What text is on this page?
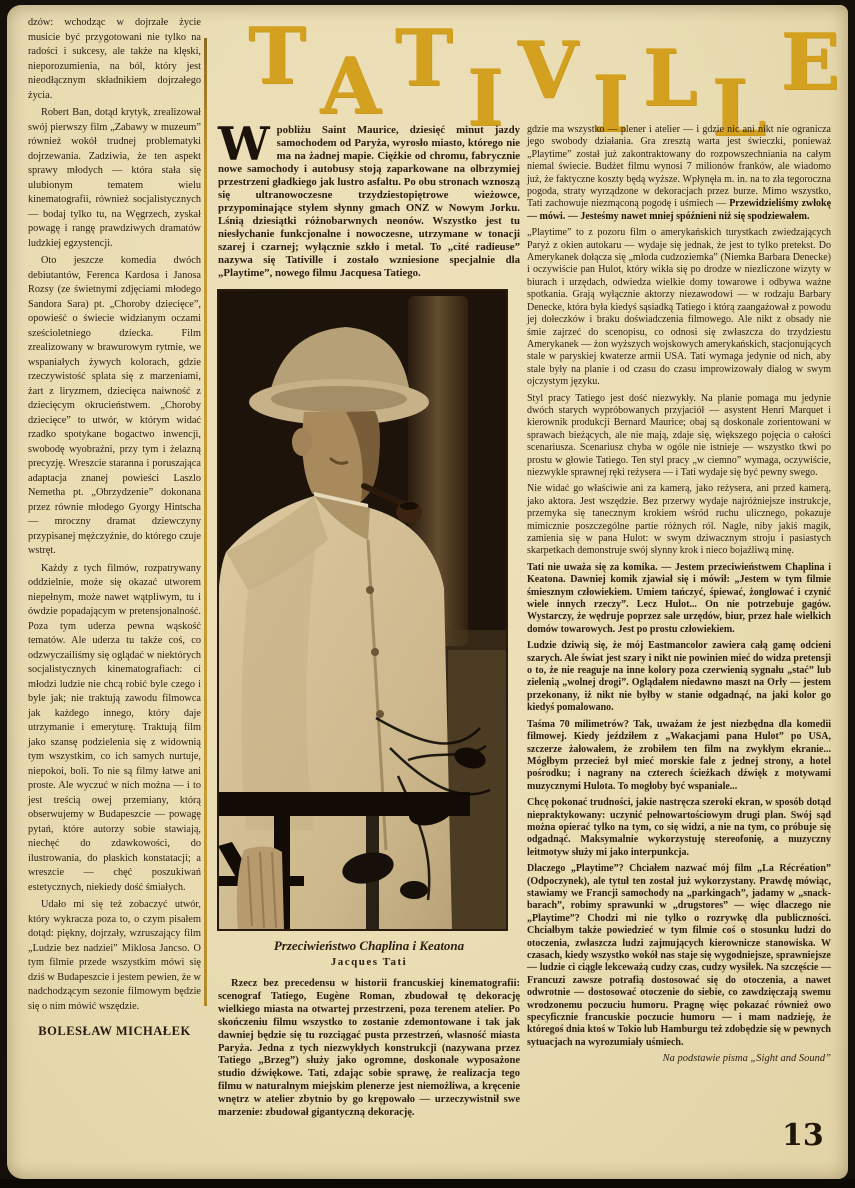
T A T I V I L L
E

dzów: wchodząc w dojrzałe życie musicie być przygotowani nie tylko na radości i sukcesy, ale także na klęski, nieporozumienia, na ból, który jest nieodłącznym składnikiem dojrzałego życia.

Robert Ban, dotąd krytyk, zrealizował swój pierwszy film „Zabawy w muzeum” również wokół trudnej problematyki dojrzewania. Zadziwia, że ten aspekt sprawy młodych — która stała się ulubionym tematem wielu kinematografii, również socjalistycznych — bodaj tylko tu, na Węgrzech, zyskał powagę i rangę prawdziwych dramatów ludzkiej egzystencji.

Oto jeszcze komedia dwóch debiutantów, Ferenca Kardosa i Janosa Rozsy (ze świetnymi zdjęciami młodego Sandora Sara) pt. „Choroby dziecięce”, opowieść o świecie widzianym oczami sześcioletniego dziecka. Film zrealizowany w brawurowym rytmie, we wspaniałych żywych kolorach, gdzie rzeczywistość splata się z marzeniami, żart z liryzmem, dziecięca naiwność z dziecięcym okrucieństwem. „Choroby dziecięce” to utwór, w którym widać rzadko spotykane bogactwo inwencji, swobodę wyobraźni, przy tym i żelazną precyzję. Wreszcie staranna i poruszająca adaptacja znanej powieści Laszlo Nemetha pt. „Obrzydzenie” dokonana przez równie młodego Gyorgy Hintscha — mroczny dramat dziewczyny przypisanej mężczyźnie, do którego czuje wstręt.

Każdy z tych filmów, rozpatrywany oddzielnie, może się okazać utworem niepełnym, może nawet wątpliwym, tu i ówdzie popadającym w pretensjonalność. Poza tym uderza pewna wąskość tematów. Ale uderza tu także coś, co odzwyczailiśmy się oglądać w niektórych socjalistycznych kinematografiach: ci młodzi ludzie nie chcą robić byle czego i byle jak; nie traktują zawodu filmowca jak każdego innego, który daje utrzymanie i emeryturę. Traktują film jako szansę podzielenia się z widownią tym wszystkim, co ich samych nurtuje, niepokoi, boli. To nie są filmy łatwe ani proste. Ale wyczuć w nich można — i to jest treścią owej przemiany, którą obserwujemy w Budapeszcie — powagę pytań, które autorzy sobie stawiają, niechęć do zdawkowości, do ilustrowania, do płaskich konstatacji; a wreszcie — chęć poszukiwań estetycznych, niekiedy dość śmiałych.

Udało mi się też zobaczyć utwór, który wykracza poza to, o czym pisałem dotąd: piękny, dojrzały, wzruszający film „Ludzie bez nadziei” Miklosa Jancso. O tym filmie przede wszystkim mówi się dziś w Budapeszcie i jestem pewien, że w nadchodzącym sezonie filmowym będzie się o nim mówić wszędzie.

BOLESŁAW MICHAŁEK

Wpobliżu Saint Maurice, dziesięć minut jazdy samochodem od Paryża, wyrosło miasto, którego nie ma na żadnej mapie. Ciężkie od chromu, fabrycznie nowe samochody i autobusy stoją zaparkowane na olbrzymiej przestrzeni gładkiego jak lustro asfaltu. Po obu stronach wznoszą się ultranowoczesne trzydziestopiętrowe wieżowce, przypominające stylem słynny gmach ONZ w Nowym Jorku. Lśnią dziesiątki różnobarwnych neonów. Wszystko jest tu niesłychanie funkcjonalne i nowoczesne, utrzymane w tonacji szarej i czarnej; wyłącznie szkło i metal. To „cité radieuse” nazywa się Tativille i zostało wzniesione specjalnie dla „Playtime”, nowego filmu Jacquesa Tatiego.

Przeciwieństwo Chaplina i Keatona
Jacques Tati

Rzecz bez precedensu w historii francuskiej kinematografii: scenograf Tatiego, Eugène Roman, zbudował tę dekorację wielkiego miasta na otwartej przestrzeni, poza terenem atelier. Po skończeniu filmu wszystko to zostanie zdemontowane i tak jak dawniej będzie się tu rozciągać pusta przestrzeń, własność miasta Paryża. Jedna z tych niezwykłych konstrukcji (nazywana przez Tatiego „Brzeg”) służy jako ogromne, doskonale wyposażone studio dźwiękowe. Tati, zdając sobie sprawę, że realizacja tego filmu w naturalnym miejskim plenerze jest niemożliwa, a kręcenie wnętrz w atelier zbytnio by go krępowało — urzeczywistnił swe marzenie: zbudował gigantyczną dekorację.

gdzie ma wszystko — plener i atelier — i gdzie nic ani nikt nie ogranicza jego swobody działania. Gra zresztą warta jest świeczki, ponieważ „Playtime” został już zakontraktowany do rozpowszechniania na całym niemal świecie. Budżet filmu wynosi 7 milionów franków, ale wiadomo już, że faktyczne koszty będą wyższe. Wpłynęła m. in. na to zła tegoroczna pogoda, straty wyrządzone w dekoracjach przez burze. Mimo wszystko, Tati zachowuje niezmąconą pogodę i uśmiech — Przewidzieliśmy zwłokę — mówi. — Jesteśmy nawet mniej spóźnieni niż się spodziewałem.

„Playtime” to z pozoru film o amerykańskich turystkach zwiedzających Paryż z okien autokaru — wydaje się jednak, że jest to tylko pretekst. Do Amerykanek dołącza się „młoda cudzoziemka” (Niemka Barbara Denecke) i oczywiście pan Hulot, który wikła się po drodze w niezliczone wizyty w biurach i urzędach, odwiedza wielkie domy towarowe i odbywa ważne spotkania. Grają wyłącznie aktorzy niezawodowi — w rodzaju Barbary Denecke, która była kiedyś sąsiadką Tatiego i którą zaangażował z powodu jej dołeczków i braku doświadczenia filmowego. Ale nikt z obsady nie śmie zajrzeć do scenopisu, co odnosi się zwłaszcza do trzydziestu Amerykanek — żon wyższych wojskowych amerykańskich, stacjonujących stale w paryskiej kwaterze armii USA. Tati wymaga jedynie od nich, aby stale były na planie i od czasu do czasu improwizowały dialog w swym ojczystym języku.

Styl pracy Tatiego jest dość niezwykły. Na planie pomaga mu jedynie dwóch starych wypróbowanych przyjaciół — asystent Henri Marquet i kierownik produkcji Bernard Maurice; obaj są doskonale zorientowani w sprawach bieżących, ale nie mają, zdaje się, większego pojęcia o całości scenariusza. Scenariusz chyba w ogóle nie istnieje — wszystko tkwi po prostu w głowie Tatiego. Ten styl pracy „w ciemno” wymaga, oczywiście, niezwykle sprawnej ręki reżysera — i Tati wydaje się być pewny swego.

Nie widać go właściwie ani za kamerą, jako reżysera, ani przed kamerą, jako aktora. Jest wszędzie. Bez przerwy wydaje najróżniejsze instrukcje, przemyka się tanecznym krokiem wśród ruchu ulicznego, pokazuje mimicznie poszczególne partie różnych ról. Nagle, niby jakiś magik, zamienia się w pana Hulot: w swym dziwacznym stroju i pasiastych skarpetkach demonstruje swój słynny krok i nieco bojaźliwą minę.

Tati nie uważa się za komika. — Jestem przeciwieństwem Chaplina i Keatona. Dawniej komik zjawiał się i mówił: „Jestem w tym filmie śmiesznym człowiekiem. Umiem tańczyć, śpiewać, żonglować i czynić wiele innych rzeczy”. Lecz Hulot... On nie potrzebuje gagów. Wystarczy, że wędruje poprzez sale urzędów, biur, przez hale wielkich domów towarowych. Jest po prostu człowiekiem.

Ludzie dziwią się, że mój Eastmancolor zawiera całą gamę odcieni szarych. Ale świat jest szary i nikt nie powinien mieć do widza pretensji o to, że nie reaguje na inne kolory poza czerwienią sygnału „stać” lub zielenią „wolnej drogi”. Oglądałem niedawno maszt na Orly — jestem przekonany, iż nikt nie byłby w stanie odgadnąć, na jaki kolor go kiedyś pomalowano.

Taśma 70 milimetrów? Tak, uważam że jest niezbędna dla komedii filmowej. Kiedy jeździłem z „Wakacjami pana Hulot” po USA, szczerze żałowałem, że zrobiłem ten film na zwykłym ekranie... Mógłbym przecież był mieć morskie fale z jednej strony, a hotel pośrodku; i nagrany na czterech ścieżkach dźwięk z motywami muzycznymi Hulota. To mogłoby być wspaniale...

Chcę pokonać trudności, jakie nastręcza szeroki ekran, w sposób dotąd niepraktykowany: uczynić pełnowartościowym drugi plan. Swój sąd można opierać tylko na tym, co się widzi, a nie na tym, co próbuje się odgadnąć. Maksymalnie wykorzystuję stereofonię, a muzyczny leitmotyw służy mi jako interpunkcja.

Dlaczego „Playtime”? Chciałem nazwać mój film „La Récréation” (Odpoczynek), ale tytuł ten został już wykorzystany. Prawdę mówiąc, stawiamy we Francji samochody na „parkingach”, jadamy w „snack-barach”, robimy sprawunki w „drugstores” — więc dlaczego nie „Playtime”? Chodzi mi nie tylko o rozrywkę dla publiczności. Chciałbym także powiedzieć w tym filmie coś o stosunku ludzi do otoczenia, zwłaszcza ludzi zajmujących kierownicze stanowiska. W czasach, kiedy wszystko wokół nas staje się wygodniejsze, sprawniejsze — ludzie ci ciągle lekceważą cudzy czas, cudzy wysiłek. Na szczęście — Francuzi zawsze potrafią dostosować się do otoczenia, a nawet odwrotnie — dostosować otoczenie do siebie, co zawdzięczają swemu wrodzonemu poczuciu humoru. Pragnę więc pokazać również owo specyficznie francuskie poczucie humoru — i mam nadzieję, że któregoś dnia ktoś w Tokio lub Hamburgu też zdobędzie się w pewnych sytuacjach na wyrozumiały uśmiech.

Na podstawie pisma „Sight and Sound”

13
